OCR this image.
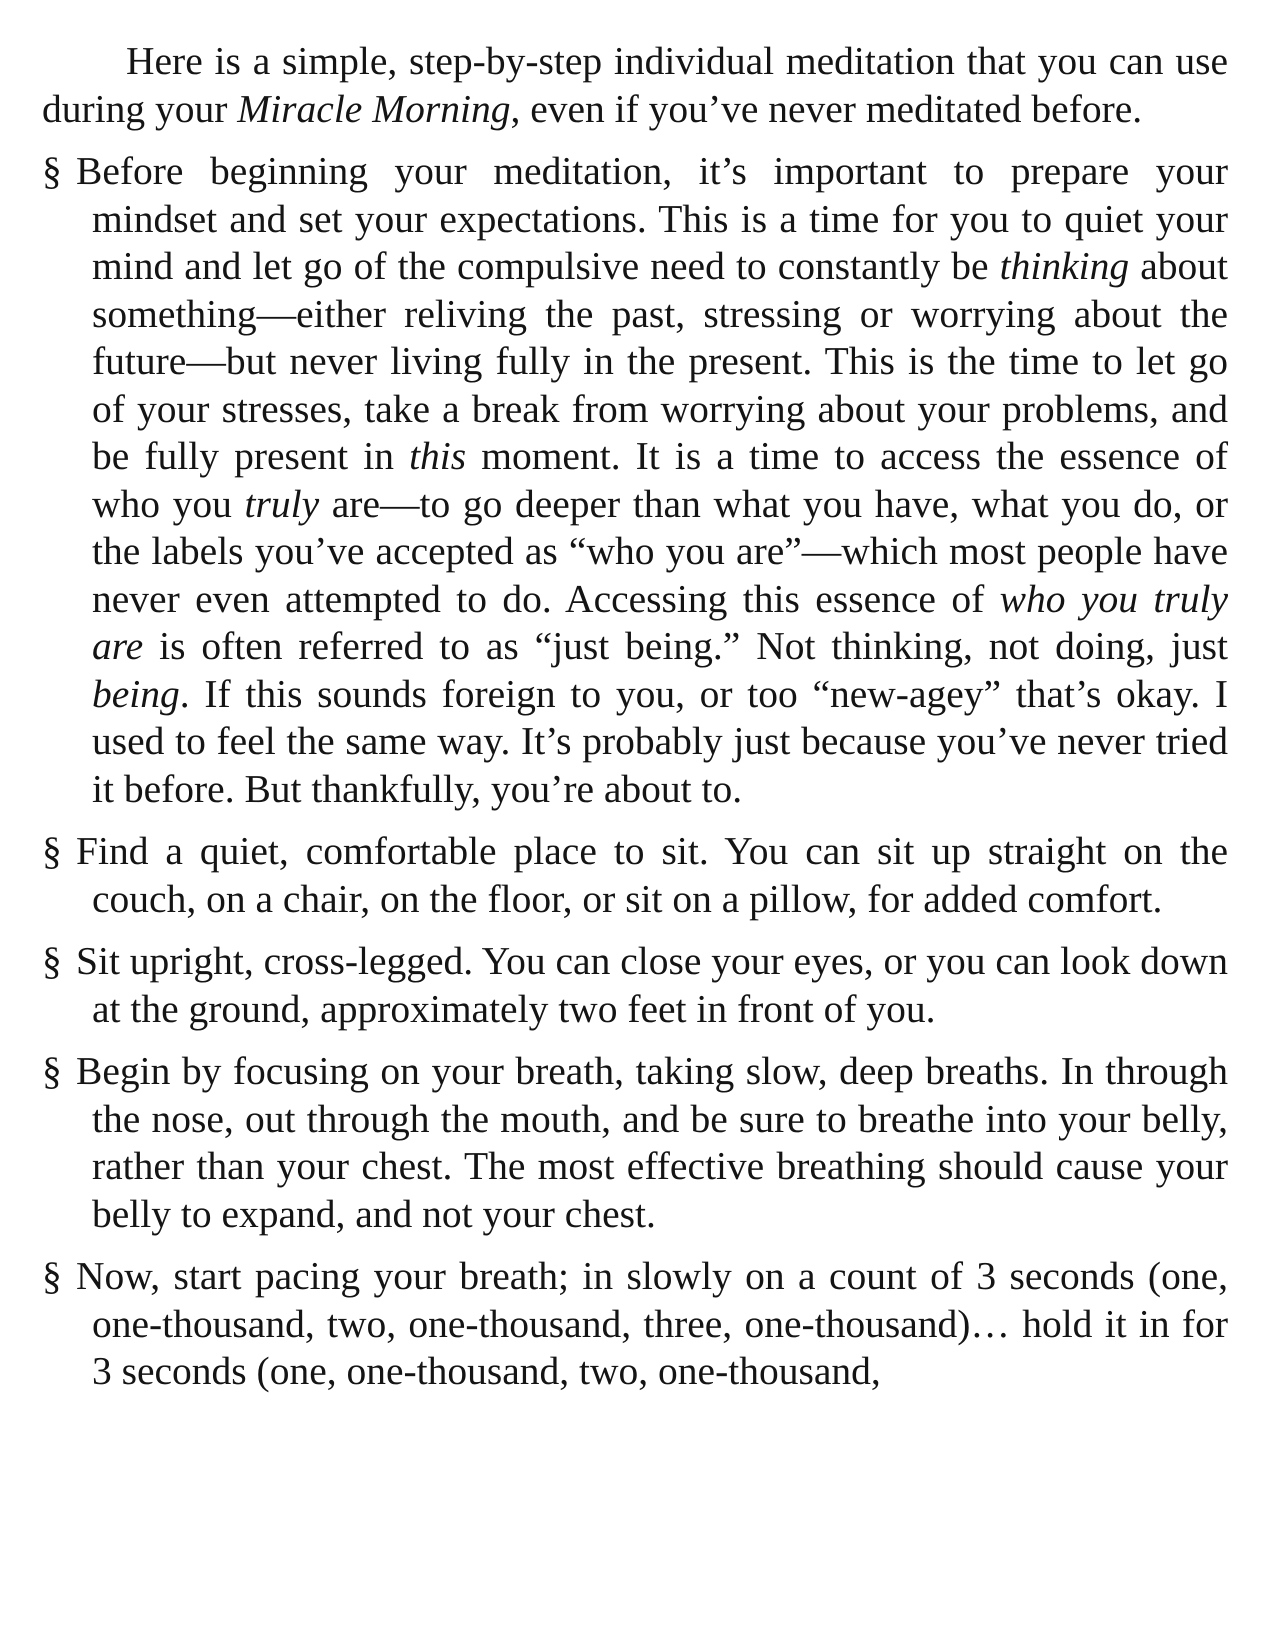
Here is a simple, step-by-step individual meditation that you can use during your Miracle Morning, even if you’ve never meditated before.

§ Before beginning your meditation, it’s important to prepare your mindset and set your expectations. This is a time for you to quiet your mind and let go of the compulsive need to constantly be thinking about something—either reliving the past, stressing or worrying about the future—but never living fully in the present. This is the time to let go of your stresses, take a break from worrying about your problems, and be fully present in this moment. It is a time to access the essence of who you truly are—to go deeper than what you have, what you do, or the labels you’ve accepted as “who you are”—which most people have never even attempted to do. Accessing this essence of who you truly are is often referred to as “just being.” Not thinking, not doing, just being. If this sounds foreign to you, or too “new-agey” that’s okay. I used to feel the same way. It’s probably just because you’ve never tried it before. But thankfully, you’re about to.

§ Find a quiet, comfortable place to sit. You can sit up straight on the couch, on a chair, on the floor, or sit on a pillow, for added comfort.

§ Sit upright, cross-legged. You can close your eyes, or you can look down at the ground, approximately two feet in front of you.

§ Begin by focusing on your breath, taking slow, deep breaths. In through the nose, out through the mouth, and be sure to breathe into your belly, rather than your chest. The most effective breathing should cause your belly to expand, and not your chest.

§ Now, start pacing your breath; in slowly on a count of 3 seconds (one, one-thousand, two, one-thousand, three, one-thousand)… hold it in for 3 seconds (one, one-thousand, two, one-thousand,
